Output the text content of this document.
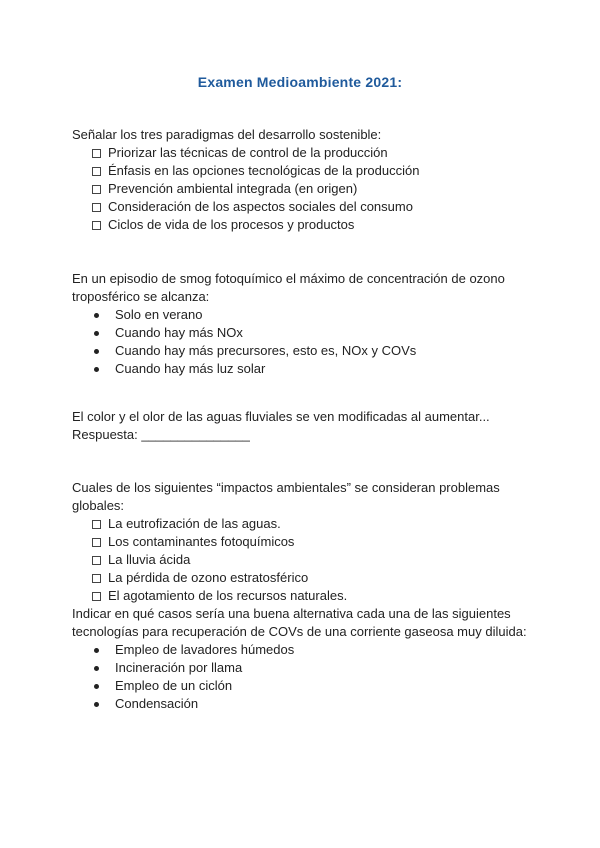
Examen Medioambiente 2021:

Señalar los tres paradigmas del desarrollo sostenible:

Priorizar las técnicas de control de la producción
Énfasis en las opciones tecnológicas de la producción
Prevención ambiental integrada (en origen)
Consideración de los aspectos sociales del consumo
Ciclos de vida de los procesos y productos

En un episodio de smog fotoquímico el máximo de concentración de ozono troposférico se alcanza:

Solo en verano
Cuando hay más NOx
Cuando hay más precursores, esto es, NOx y COVs
Cuando hay más luz solar

El color y el olor de las aguas fluviales se ven modificadas al aumentar...

Respuesta: _______________

Cuales de los siguientes “impactos ambientales” se consideran problemas globales:

La eutrofización de las aguas.
Los contaminantes fotoquímicos
La lluvia ácida
La pérdida de ozono estratosférico
El agotamiento de los recursos naturales.

Indicar en qué casos sería una buena alternativa cada una de las siguientes tecnologías para recuperación de COVs de una corriente gaseosa muy diluida:

Empleo de lavadores húmedos
Incineración por llama
Empleo de un ciclón
Condensación
